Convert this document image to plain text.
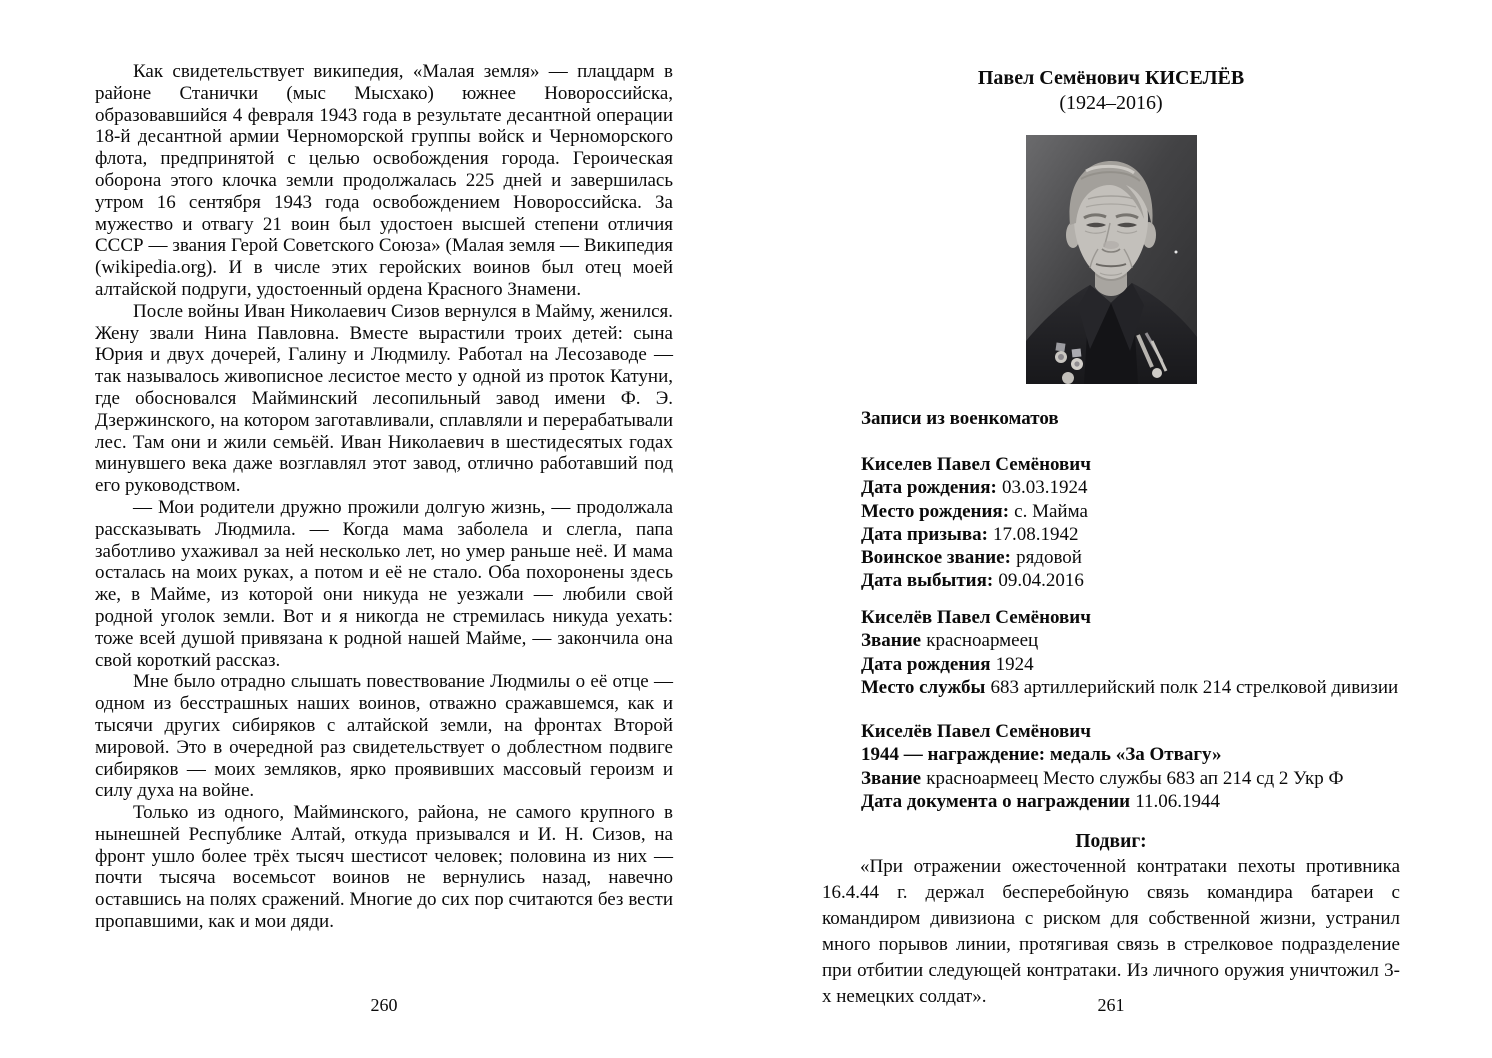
Как свидетельствует википедия, «Малая земля» — плацдарм в районе Станички (мыс Мысхако) южнее Новороссийска, образовавшийся 4 февраля 1943 года в результате десантной операции 18-й десантной армии Черноморской группы войск и Черноморского флота, предпринятой с целью освобождения города. Героическая оборона этого клочка земли продолжалась 225 дней и завершилась утром 16 сентября 1943 года освобождением Новороссийска. За мужество и отвагу 21 воин был удостоен высшей степени отличия СССР — звания Герой Советского Союза» (Малая земля — Википедия (wikipedia.org). И в числе этих геройских воинов был отец моей алтайской подруги, удостоенный ордена Красного Знамени.

После войны Иван Николаевич Сизов вернулся в Майму, женился. Жену звали Нина Павловна. Вместе вырастили троих детей: сына Юрия и двух дочерей, Галину и Людмилу. Работал на Лесозаводе — так называлось живописное лесистое место у одной из проток Катуни, где обосновался Майминский лесопильный завод имени Ф. Э. Дзержинского, на котором заготавливали, сплавляли и перерабатывали лес. Там они и жили семьёй. Иван Николаевич в шестидесятых годах минувшего века даже возглавлял этот завод, отлично работавший под его руководством.

— Мои родители дружно прожили долгую жизнь, — продолжала рассказывать Людмила. — Когда мама заболела и слегла, папа заботливо ухаживал за ней несколько лет, но умер раньше неё. И мама осталась на моих руках, а потом и её не стало. Оба похоронены здесь же, в Майме, из которой они никуда не уезжали — любили свой родной уголок земли. Вот и я никогда не стремилась никуда уехать: тоже всей душой привязана к родной нашей Майме, — закончила она свой короткий рассказ.

Мне было отрадно слышать повествование Людмилы о её отце — одном из бесстрашных наших воинов, отважно сражавшемся, как и тысячи других сибиряков с алтайской земли, на фронтах Второй мировой. Это в очередной раз свидетельствует о доблестном подвиге сибиряков — моих земляков, ярко проявивших массовый героизм и силу духа на войне.

Только из одного, Майминского, района, не самого крупного в нынешней Республике Алтай, откуда призывался и И. Н. Сизов, на фронт ушло более трёх тысяч шестисот человек; половина из них — почти тысяча восемьсот воинов не вернулись назад, навечно оставшись на полях сражений. Многие до сих пор считаются без вести пропавшими, как и мои дяди.

260
Павел Семёнович КИСЕЛЁВ
(1924–2016)
Записи из военкоматов

Киселев Павел Семёнович

Дата рождения: 03.03.1924

Место рождения: с. Майма

Дата призыва: 17.08.1942

Воинское звание: рядовой

Дата выбытия: 09.04.2016

Киселёв Павел Семёнович

Звание красноармеец

Дата рождения 1924

Место службы 683 артиллерийский полк 214 стрелковой дивизии

Киселёв Павел Семёнович

1944 — награждение: медаль «За Отвагу»

Звание красноармеец Место службы 683 ап 214 сд 2 Укр Ф

Дата документа о награждении 11.06.1944

Подвиг:

«При отражении ожесточенной контратаки пехоты противника 16.4.44 г. держал бесперебойную связь командира батареи с командиром дивизиона с риском для собственной жизни, устранил много порывов линии, протягивая связь в стрелковое подразделение при отбитии следующей контратаки. Из личного оружия уничтожил 3-х немецких солдат».	261
